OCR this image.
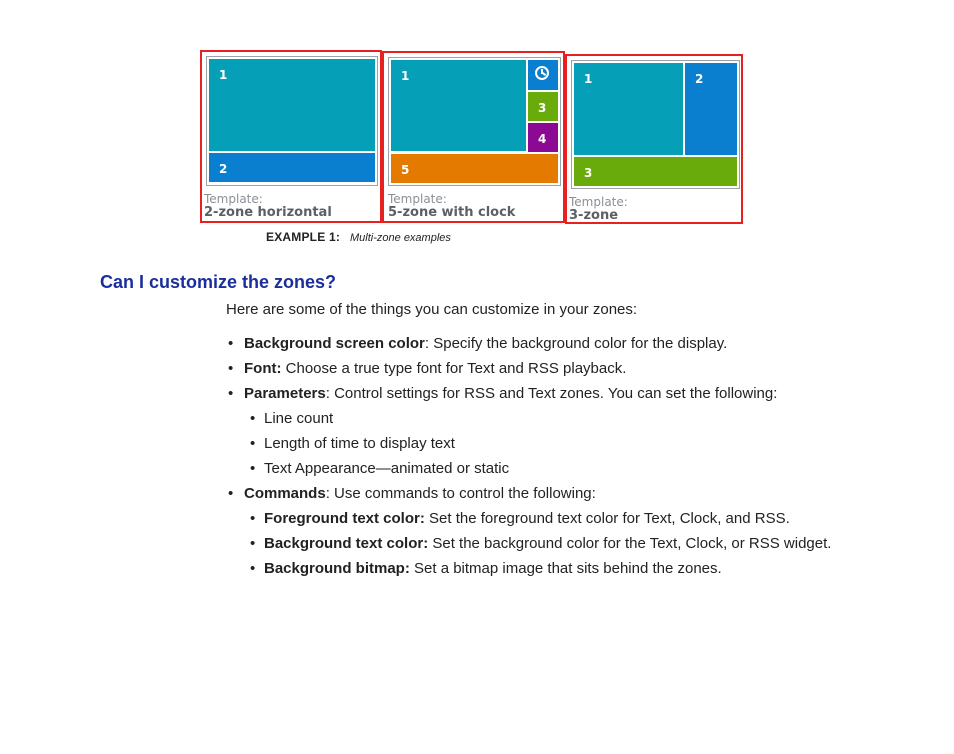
1
2
Template:
2-zone horizontal
1
3
4
5
Template:
5-zone with clock
1	2
3
Template:
3-zone
EXAMPLE 1: Multi-zone examples
Can I customize the zones?

Here are some of the things you can customize in your zones:

• Background screen color: Specify the background color for the display.
• Font: Choose a true type font for Text and RSS playback.
• Parameters: Control settings for RSS and Text zones. You can set the following:
• Line count
• Length of time to display text
• Text Appearance—animated or static
• Commands: Use commands to control the following:
• Foreground text color: Set the foreground text color for Text, Clock, and RSS.
• Background text color: Set the background color for the Text, Clock, or RSS widget.
• Background bitmap: Set a bitmap image that sits behind the zones.
